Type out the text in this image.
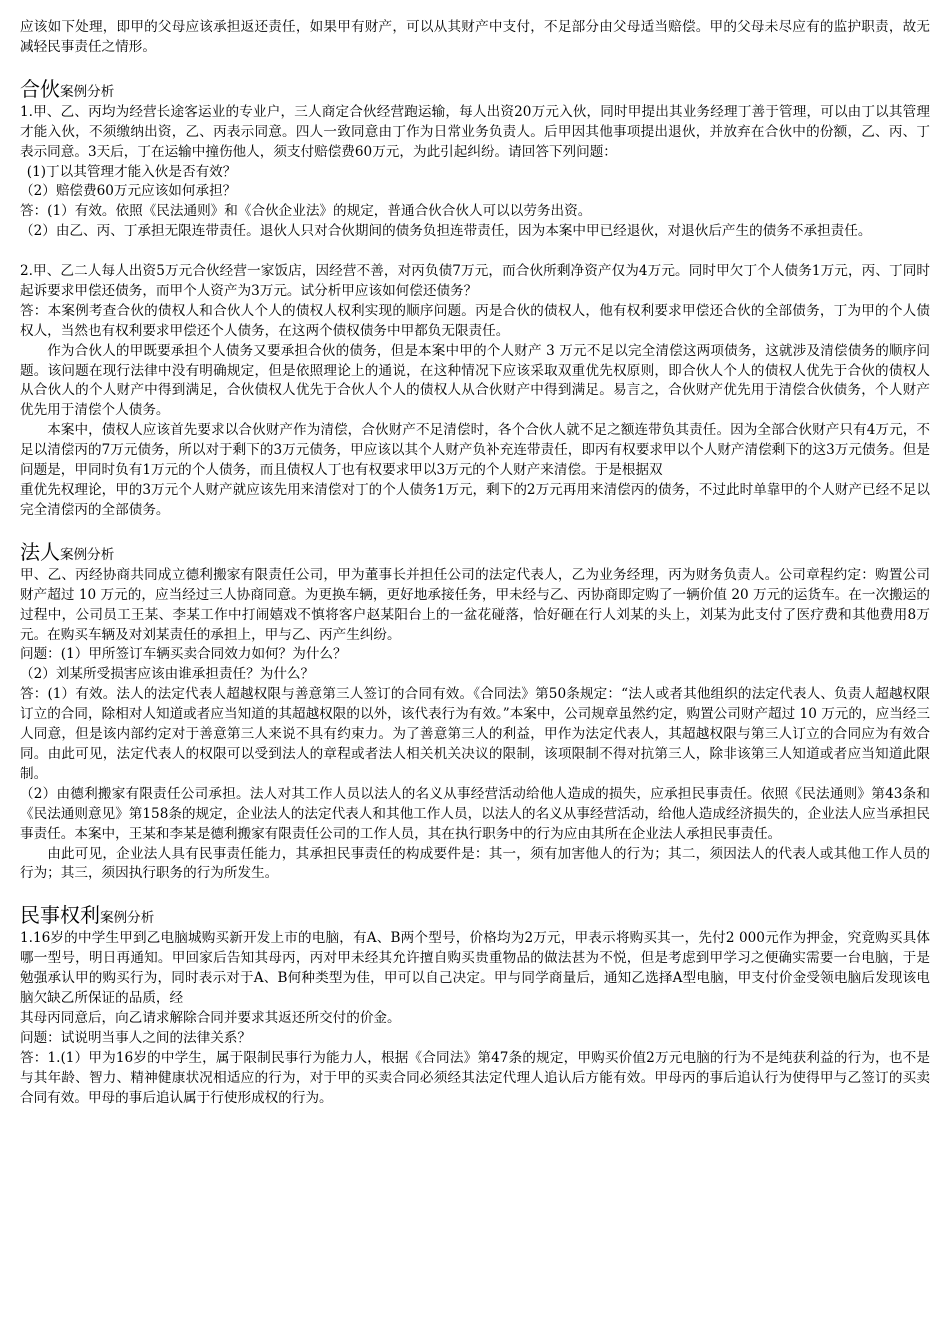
应该如下处理，即甲的父母应该承担返还责任，如果甲有财产，可以从其财产中支付，不足部分由父母适当赔偿。甲的父母未尽应有的监护职责，故无减轻民事责任之情形。

合伙案例分析

1.甲、乙、丙均为经营长途客运业的专业户，三人商定合伙经营跑运输，每人出资20万元入伙，同时甲提出其业务经理丁善于管理，可以由丁以其管理才能入伙，不须缴纳出资，乙、丙表示同意。四人一致同意由丁作为日常业务负责人。后甲因其他事项提出退伙，并放弃在合伙中的份额，乙、丙、丁表示同意。3天后，丁在运输中撞伤他人，须支付赔偿费60万元，为此引起纠纷。请回答下列问题：

(1)丁以其管理才能入伙是否有效？

（2）赔偿费60万元应该如何承担？

答：(1）有效。依照《民法通则》和《合伙企业法》的规定，普通合伙合伙人可以以劳务出资。

（2）由乙、丙、丁承担无限连带责任。退伙人只对合伙期间的债务负担连带责任，因为本案中甲已经退伙，对退伙后产生的债务不承担责任。

2.甲、乙二人每人出资5万元合伙经营一家饭店，因经营不善，对丙负债7万元，而合伙所剩净资产仅为4万元。同时甲欠丁个人债务1万元，丙、丁同时起诉要求甲偿还债务，而甲个人资产为3万元。试分析甲应该如何偿还债务？

答：本案例考查合伙的债权人和合伙人个人的债权人权利实现的顺序问题。丙是合伙的债权人，他有权利要求甲偿还合伙的全部债务，丁为甲的个人债权人，当然也有权利要求甲偿还个人债务，在这两个债权债务中甲都负无限责任。

作为合伙人的甲既要承担个人债务又要承担合伙的债务，但是本案中甲的个人财产 3 万元不足以完全清偿这两项债务，这就涉及清偿债务的顺序问题。该问题在现行法律中没有明确规定，但是依照理论上的通说，在这种情况下应该采取双重优先权原则，即合伙人个人的债权人优先于合伙的债权人从合伙人的个人财产中得到满足，合伙债权人优先于合伙人个人的债权人从合伙财产中得到满足。易言之，合伙财产优先用于清偿合伙债务，个人财产优先用于清偿个人债务。

本案中，债权人应该首先要求以合伙财产作为清偿，合伙财产不足清偿时，各个合伙人就不足之额连带负其责任。因为全部合伙财产只有4万元，不足以清偿丙的7万元债务，所以对于剩下的3万元债务，甲应该以其个人财产负补充连带责任，即丙有权要求甲以个人财产清偿剩下的这3万元债务。但是问题是，甲同时负有1万元的个人债务，而且债权人丁也有权要求甲以3万元的个人财产来清偿。于是根据双

重优先权理论，甲的3万元个人财产就应该先用来清偿对丁的个人债务1万元，剩下的2万元再用来清偿丙的债务，不过此时单靠甲的个人财产已经不足以完全清偿丙的全部债务。

法人案例分析

甲、乙、丙经协商共同成立德利搬家有限责任公司，甲为董事长并担任公司的法定代表人，乙为业务经理，丙为财务负责人。公司章程约定：购置公司财产超过 10 万元的，应当经过三人协商同意。为更换车辆，更好地承接任务，甲未经与乙、丙协商即定购了一辆价值 20 万元的运货车。在一次搬运的过程中，公司员工王某、李某工作中打闹嬉戏不慎将客户赵某阳台上的一盆花碰落，恰好砸在行人刘某的头上，刘某为此支付了医疗费和其他费用8万元。在购买车辆及对刘某责任的承担上，甲与乙、丙产生纠纷。

问题：(1）甲所签订车辆买卖合同效力如何？为什么？

（2）刘某所受损害应该由谁承担责任？为什么？

答：(1）有效。法人的法定代表人超越权限与善意第三人签订的合同有效。《合同法》第50条规定：“法人或者其他组织的法定代表人、负责人超越权限订立的合同，除相对人知道或者应当知道的其超越权限的以外，该代表行为有效。”本案中，公司规章虽然约定，购置公司财产超过 10 万元的，应当经三人同意，但是该内部约定对于善意第三人来说不具有约束力。为了善意第三人的利益，甲作为法定代表人，其超越权限与第三人订立的合同应为有效合同。由此可见，法定代表人的权限可以受到法人的章程或者法人相关机关决议的限制，该项限制不得对抗第三人，除非该第三人知道或者应当知道此限制。

（2）由德利搬家有限责任公司承担。法人对其工作人员以法人的名义从事经营活动给他人造成的损失，应承担民事责任。依照《民法通则》第43条和《民法通则意见》第158条的规定，企业法人的法定代表人和其他工作人员，以法人的名义从事经营活动，给他人造成经济损失的，企业法人应当承担民事责任。本案中，王某和李某是德利搬家有限责任公司的工作人员，其在执行职务中的行为应由其所在企业法人承担民事责任。

由此可见，企业法人具有民事责任能力，其承担民事责任的构成要件是：其一，须有加害他人的行为；其二，须因法人的代表人或其他工作人员的行为；其三，须因执行职务的行为所发生。

民事权利案例分析

1.16岁的中学生甲到乙电脑城购买新开发上市的电脑，有A、B两个型号，价格均为2万元，甲表示将购买其一，先付2 000元作为押金，究竟购买具体哪一型号，明日再通知。甲回家后告知其母丙，丙对甲未经其允许擅自购买贵重物品的做法甚为不悦，但是考虑到甲学习之便确实需要一台电脑，于是勉强承认甲的购买行为，同时表示对于A、B何种类型为佳，甲可以自己决定。甲与同学商量后，通知乙选择A型电脑，甲支付价金受领电脑后发现该电脑欠缺乙所保证的品质，经

其母丙同意后，向乙请求解除合同并要求其返还所交付的价金。

问题：试说明当事人之间的法律关系？

答：1.(1）甲为16岁的中学生，属于限制民事行为能力人，根据《合同法》第47条的规定，甲购买价值2万元电脑的行为不是纯获利益的行为，也不是与其年龄、智力、精神健康状况相适应的行为，对于甲的买卖合同必须经其法定代理人追认后方能有效。甲母丙的事后追认行为使得甲与乙签订的买卖合同有效。甲母的事后追认属于行使形成权的行为。
